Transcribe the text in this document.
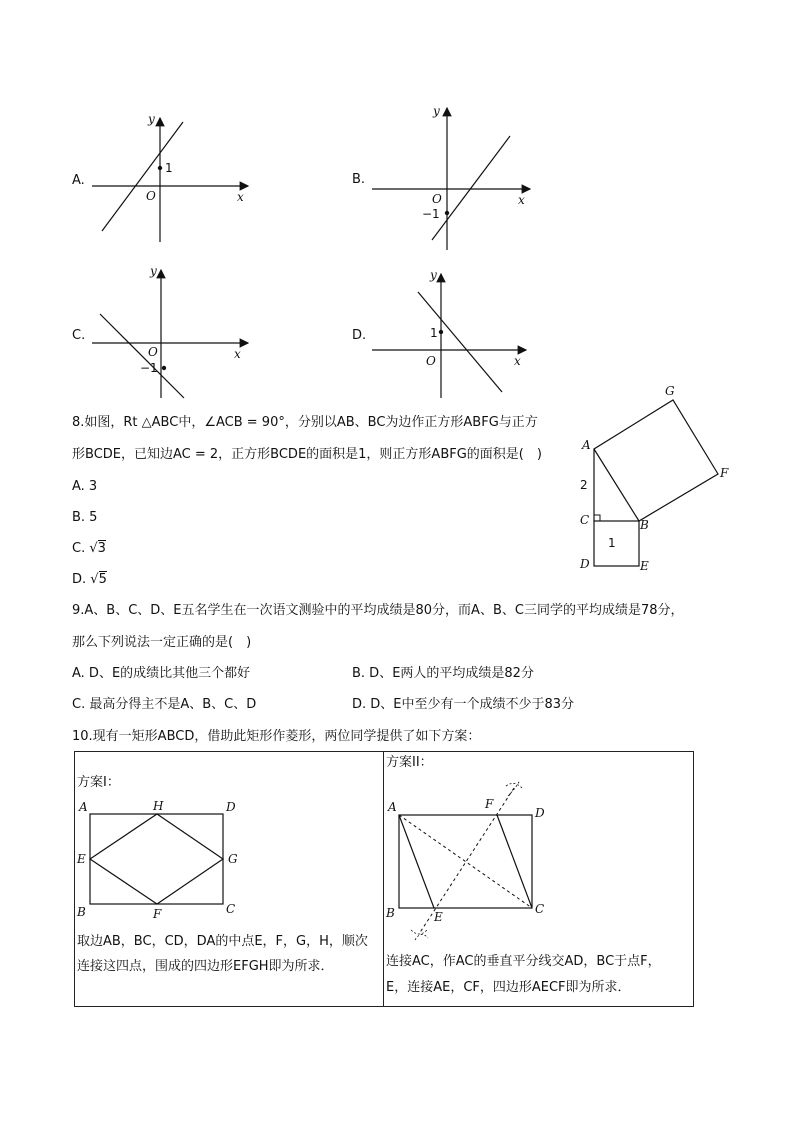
A.
y
x
O
1
B.
y
x
O
−1
C.
y
x
O
−1
D.
y
x
O
1
8.如图，Rt △ABC中，∠ACB = 90°，分别以AB、BC为边作正方形ABFG与正方
形BCDE，已知边AC = 2，正方形BCDE的面积是1，则正方形ABFG的面积是(　)
A. 3
B. 5
C. √3
D. √5
G
A
F
2
C	B
1
D	E
9.A、B、C、D、E五名学生在一次语文测验中的平均成绩是80分，而A、B、C三同学的平均成绩是78分，
那么下列说法一定正确的是(　)
A. D、E的成绩比其他三个都好	B. D、E两人的平均成绩是82分
C. 最高分得主不是A、B、C、D	D. D、E中至少有一个成绩不少于83分
10.现有一矩形ABCD，借助此矩形作菱形，两位同学提供了如下方案：
方案I：
A	H	D
E	G
B	F	C
取边AB，BC，CD，DA的中点E，F，G，H，顺次
连接这四点，围成的四边形EFGH即为所求．

方案II：
A	F
D
B	E
C
连接AC，作AC的垂直平分线交AD，BC于点F，
E，连接AE，CF，四边形AECF即为所求．
